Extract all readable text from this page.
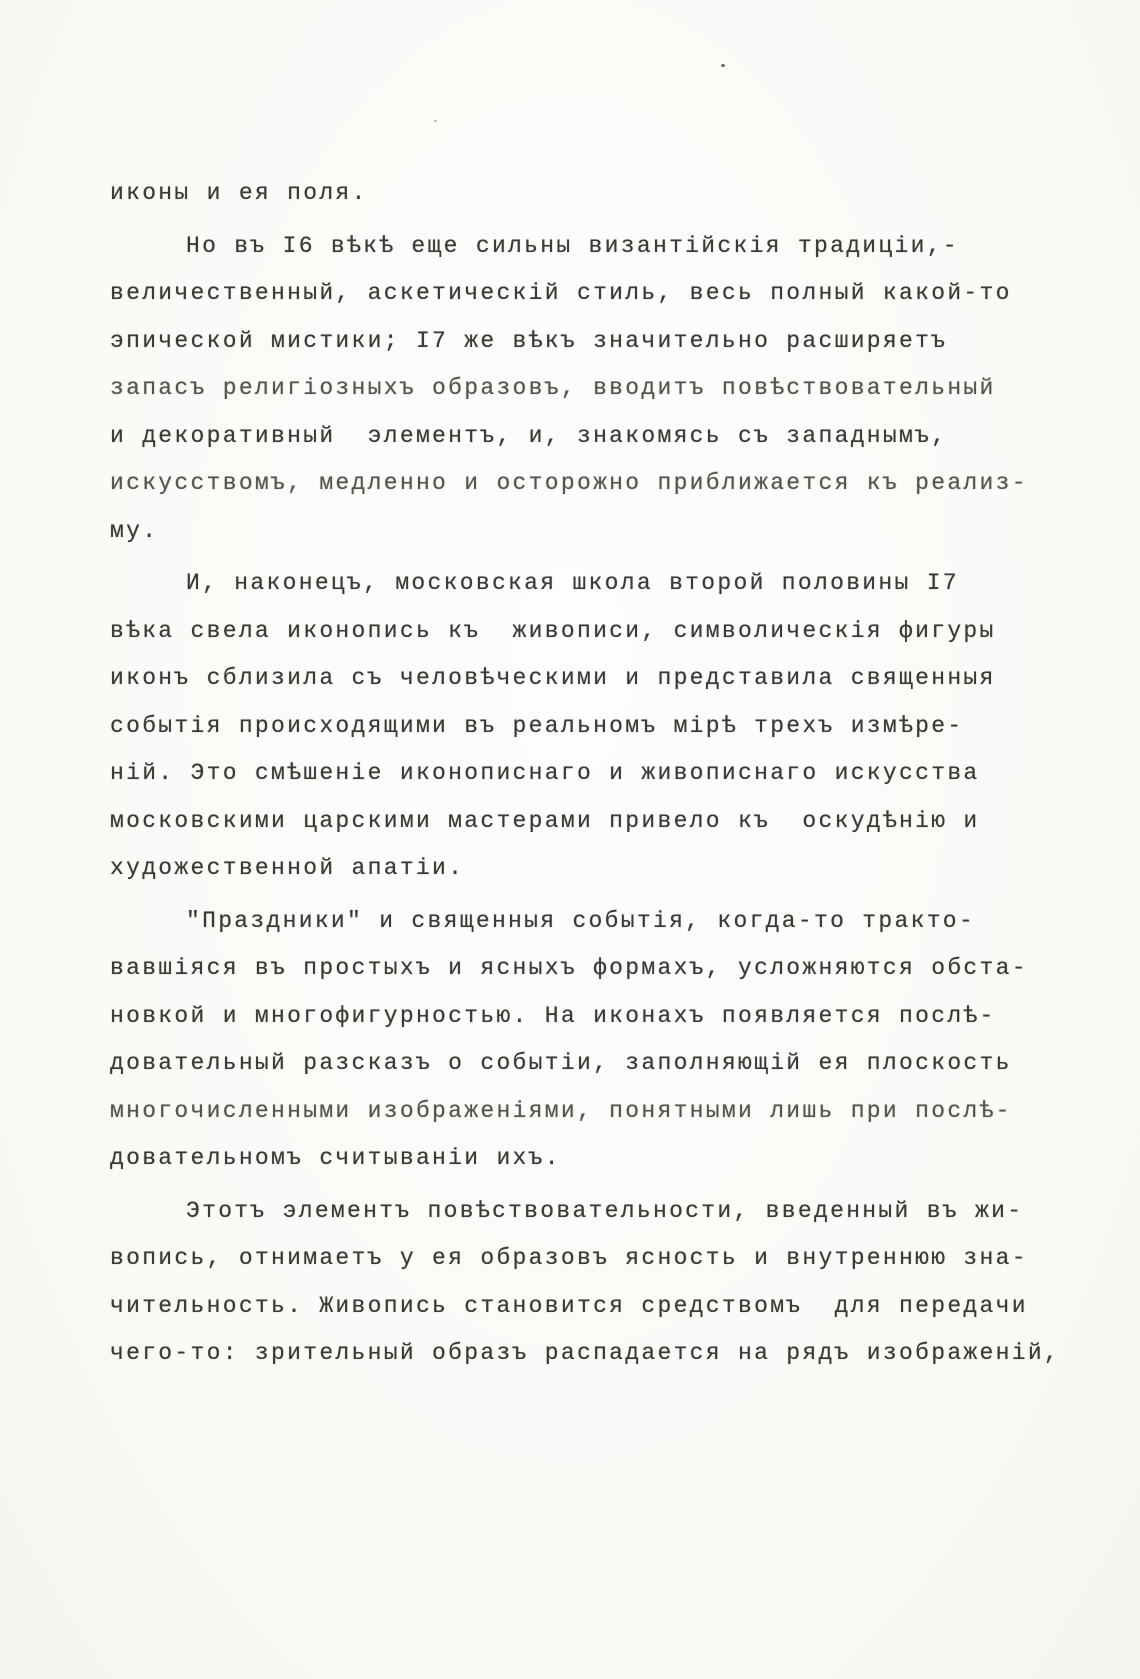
иконы и ея поля.
Но въ I6 вѣкѣ еще сильны византійскія традиціи,-
величественный, аскетическій стиль, весь полный какой-то
эпической мистики; I7 же вѣкъ значительно расширяетъ
запасъ религіозныхъ образовъ, вводитъ повѣствовательный
и декоративный  элементъ, и, знакомясь съ западнымъ,
искусствомъ, медленно и осторожно приближается къ реализ-
му.
И, наконецъ, московская школа второй половины I7
вѣка свела иконопись къ  живописи, символическія фигуры
иконъ сблизила съ человѣческими и представила священныя
событія происходящими въ реальномъ мірѣ трехъ измѣре-
ній. Это смѣшеніе иконописнаго и живописнаго искусства
московскими царскими мастерами привело къ  оскудѣнію и
художественной апатіи.
"Праздники" и священныя событія, когда-то тракто-
вавшіяся въ простыхъ и ясныхъ формахъ, усложняются обста-
новкой и многофигурностью. На иконахъ появляется послѣ-
довательный разсказъ о событіи, заполняющій ея плоскость
многочисленными изображеніями, понятными лишь при послѣ-
довательномъ считываніи ихъ.
Этотъ элементъ повѣствовательности, введенный въ жи-
вопись, отнимаетъ у ея образовъ ясность и внутреннюю зна-
чительность. Живопись становится средствомъ  для передачи
чего-то: зрительный образъ распадается на рядъ изображеній,
